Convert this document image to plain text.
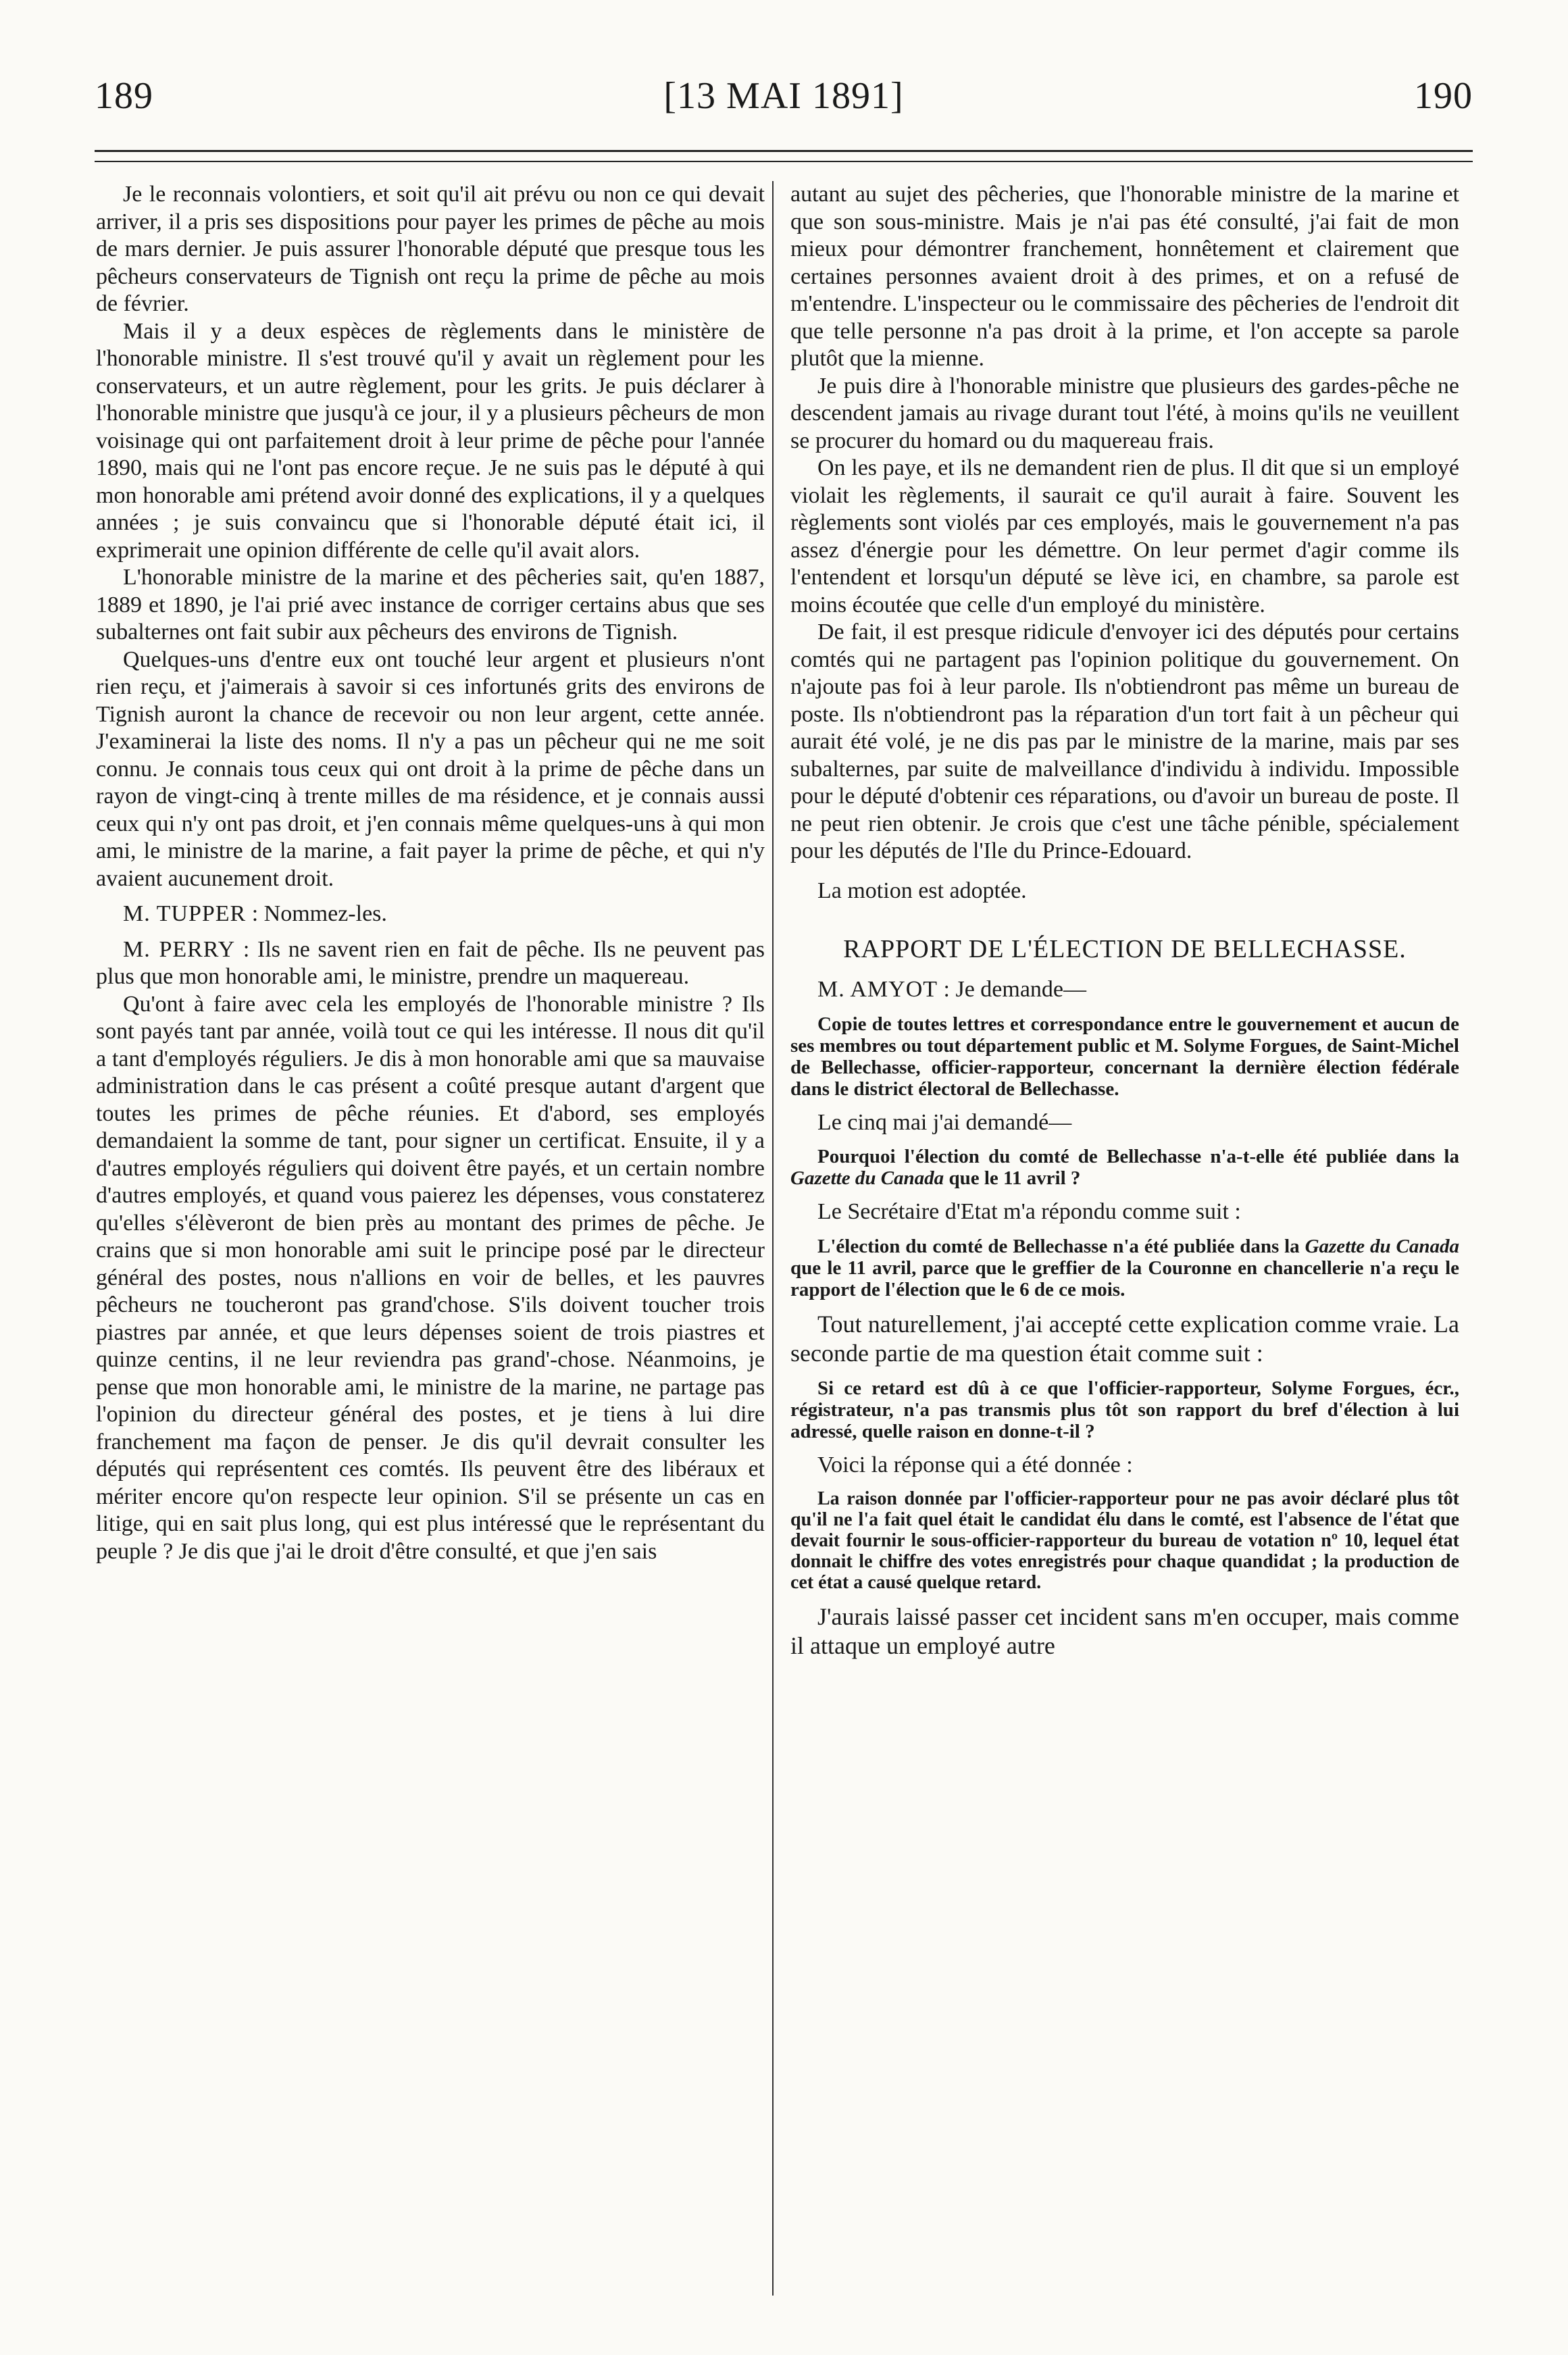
189	[13 MAI 1891]	190

Je le reconnais volontiers, et soit qu'il ait prévu ou non ce qui devait arriver, il a pris ses dispositions pour payer les primes de pêche au mois de mars dernier. Je puis assurer l'honorable député que presque tous les pêcheurs conservateurs de Tignish ont reçu la prime de pêche au mois de février.

Mais il y a deux espèces de règlements dans le ministère de l'honorable ministre. Il s'est trouvé qu'il y avait un règlement pour les conservateurs, et un autre règlement, pour les grits. Je puis déclarer à l'honorable ministre que jusqu'à ce jour, il y a plusieurs pêcheurs de mon voisinage qui ont parfaitement droit à leur prime de pêche pour l'année 1890, mais qui ne l'ont pas encore reçue. Je ne suis pas le député à qui mon honorable ami prétend avoir donné des explications, il y a quelques années ; je suis convaincu que si l'honorable député était ici, il exprimerait une opinion différente de celle qu'il avait alors.

L'honorable ministre de la marine et des pêcheries sait, qu'en 1887, 1889 et 1890, je l'ai prié avec instance de corriger certains abus que ses subalternes ont fait subir aux pêcheurs des environs de Tignish.

Quelques-uns d'entre eux ont touché leur argent et plusieurs n'ont rien reçu, et j'aimerais à savoir si ces infortunés grits des environs de Tignish auront la chance de recevoir ou non leur argent, cette année. J'examinerai la liste des noms. Il n'y a pas un pêcheur qui ne me soit connu. Je connais tous ceux qui ont droit à la prime de pêche dans un rayon de vingt-cinq à trente milles de ma résidence, et je connais aussi ceux qui n'y ont pas droit, et j'en connais même quelques-uns à qui mon ami, le ministre de la marine, a fait payer la prime de pêche, et qui n'y avaient aucunement droit.

M. TUPPER : Nommez-les.

M. PERRY : Ils ne savent rien en fait de pêche. Ils ne peuvent pas plus que mon honorable ami, le ministre, prendre un maquereau.

Qu'ont à faire avec cela les employés de l'honorable ministre ? Ils sont payés tant par année, voilà tout ce qui les intéresse. Il nous dit qu'il a tant d'employés réguliers. Je dis à mon honorable ami que sa mauvaise administration dans le cas présent a coûté presque autant d'argent que toutes les primes de pêche réunies. Et d'abord, ses employés demandaient la somme de tant, pour signer un certificat. Ensuite, il y a d'autres employés réguliers qui doivent être payés, et un certain nombre d'autres employés, et quand vous paierez les dépenses, vous constaterez qu'elles s'élèveront de bien près au montant des primes de pêche. Je crains que si mon honorable ami suit le principe posé par le directeur général des postes, nous n'allions en voir de belles, et les pauvres pêcheurs ne toucheront pas grand'chose. S'ils doivent toucher trois piastres par année, et que leurs dépenses soient de trois piastres et quinze centins, il ne leur reviendra pas grand'-chose. Néanmoins, je pense que mon honorable ami, le ministre de la marine, ne partage pas l'opinion du directeur général des postes, et je tiens à lui dire franchement ma façon de penser. Je dis qu'il devrait consulter les députés qui représentent ces comtés. Ils peuvent être des libéraux et mériter encore qu'on respecte leur opinion. S'il se présente un cas en litige, qui en sait plus long, qui est plus intéressé que le représentant du peuple ? Je dis que j'ai le droit d'être consulté, et que j'en sais

autant au sujet des pêcheries, que l'honorable ministre de la marine et que son sous-ministre. Mais je n'ai pas été consulté, j'ai fait de mon mieux pour démontrer franchement, honnêtement et clairement que certaines personnes avaient droit à des primes, et on a refusé de m'entendre. L'inspecteur ou le commissaire des pêcheries de l'endroit dit que telle personne n'a pas droit à la prime, et l'on accepte sa parole plutôt que la mienne.

Je puis dire à l'honorable ministre que plusieurs des gardes-pêche ne descendent jamais au rivage durant tout l'été, à moins qu'ils ne veuillent se procurer du homard ou du maquereau frais.

On les paye, et ils ne demandent rien de plus. Il dit que si un employé violait les règlements, il saurait ce qu'il aurait à faire. Souvent les règlements sont violés par ces employés, mais le gouvernement n'a pas assez d'énergie pour les démettre. On leur permet d'agir comme ils l'entendent et lorsqu'un député se lève ici, en chambre, sa parole est moins écoutée que celle d'un employé du ministère.

De fait, il est presque ridicule d'envoyer ici des députés pour certains comtés qui ne partagent pas l'opinion politique du gouvernement. On n'ajoute pas foi à leur parole. Ils n'obtiendront pas même un bureau de poste. Ils n'obtiendront pas la réparation d'un tort fait à un pêcheur qui aurait été volé, je ne dis pas par le ministre de la marine, mais par ses subalternes, par suite de malveillance d'individu à individu. Impossible pour le député d'obtenir ces réparations, ou d'avoir un bureau de poste. Il ne peut rien obtenir. Je crois que c'est une tâche pénible, spécialement pour les députés de l'Ile du Prince-Edouard.

La motion est adoptée.

RAPPORT DE L'ÉLECTION DE BELLECHASSE.

M. AMYOT : Je demande—

Copie de toutes lettres et correspondance entre le gouvernement et aucun de ses membres ou tout département public et M. Solyme Forgues, de Saint-Michel de Bellechasse, officier-rapporteur, concernant la dernière élection fédérale dans le district électoral de Bellechasse.

Le cinq mai j'ai demandé—

Pourquoi l'élection du comté de Bellechasse n'a-t-elle été publiée dans la Gazette du Canada que le 11 avril ?

Le Secrétaire d'Etat m'a répondu comme suit :

L'élection du comté de Bellechasse n'a été publiée dans la Gazette du Canada que le 11 avril, parce que le greffier de la Couronne en chancellerie n'a reçu le rapport de l'élection que le 6 de ce mois.

Tout naturellement, j'ai accepté cette explication comme vraie. La seconde partie de ma question était comme suit :

Si ce retard est dû à ce que l'officier-rapporteur, Solyme Forgues, écr., régistrateur, n'a pas transmis plus tôt son rapport du bref d'élection à lui adressé, quelle raison en donne-t-il ?

Voici la réponse qui a été donnée :

La raison donnée par l'officier-rapporteur pour ne pas avoir déclaré plus tôt qu'il ne l'a fait quel était le candidat élu dans le comté, est l'absence de l'état que devait fournir le sous-officier-rapporteur du bureau de votation nº 10, lequel état donnait le chiffre des votes enregistrés pour chaque quandidat ; la production de cet état a causé quelque retard.

J'aurais laissé passer cet incident sans m'en occuper, mais comme il attaque un employé autre
